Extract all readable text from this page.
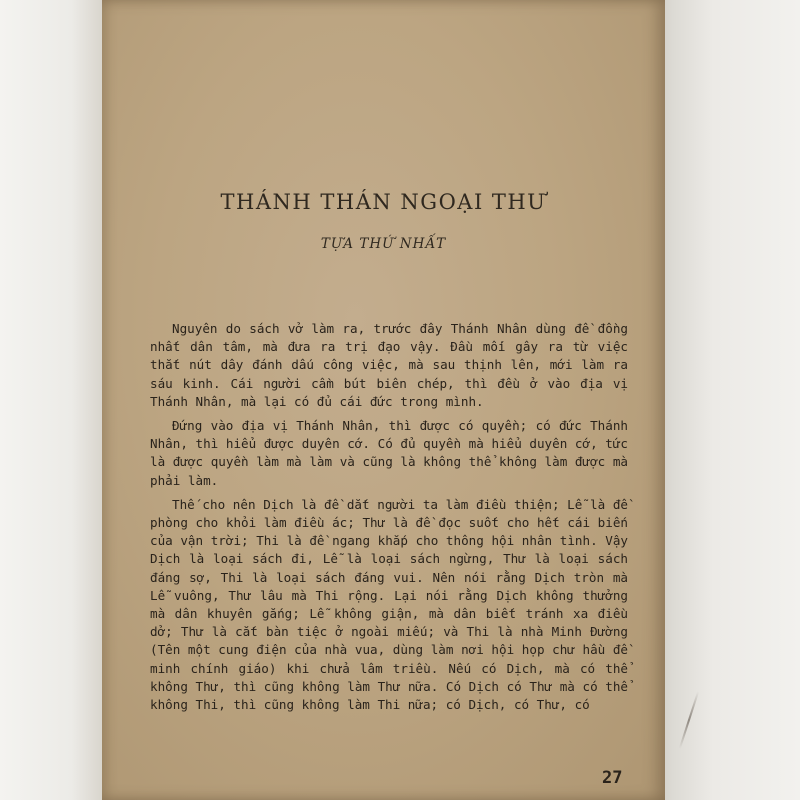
THÁNH THÁN NGOẠI THƯ
TỰA THỨ NHẤT

Nguyên do sách vở làm ra, trước đây Thánh Nhân dùng đề đồng nhất dân tâm, mà đưa ra trị đạo vậy. Đầu mối gây ra từ việc thắt nút dây đánh dấu công việc, mà sau thịnh lên, mới làm ra sáu kinh. Cái người cầm bút biên chép, thì đều ở vào địa vị Thánh Nhân, mà lại có đủ cái đức trong mình.

Đứng vào địa vị Thánh Nhân, thì được có quyền; có đức Thánh Nhân, thì hiểu được duyên cớ. Có đủ quyền mà hiểu duyên cớ, tức là được quyền làm mà làm và cũng là không thể không làm được mà phải làm.

Thế cho nên Dịch là đề dắt người ta làm điều thiện; Lễ là đề phòng cho khỏi làm điều ác; Thư là đề đọc suốt cho hết cái biến của vận trời; Thi là đề ngang khắp cho thông hội nhân tình. Vậy Dịch là loại sách đi, Lễ là loại sách ngừng, Thư là loại sách đáng sợ, Thi là loại sách đáng vui. Nên nói rằng Dịch tròn mà Lễ vuông, Thư lâu mà Thi rộng. Lại nói rằng Dịch không thưởng mà dân khuyên gắng; Lễ không giận, mà dân biết tránh xa điều dở; Thư là cắt bàn tiệc ở ngoài miếu; và Thi là nhà Minh Đường (Tên một cung điện của nhà vua, dùng làm nơi hội họp chư hầu đề minh chính giáo) khi chửa lâm triều. Nếu có Dịch, mà có thể không Thư, thì cũng không làm Thư nữa. Có Dịch có Thư mà có thể không Thi, thì cũng không làm Thi nữa; có Dịch, có Thư, có

27
